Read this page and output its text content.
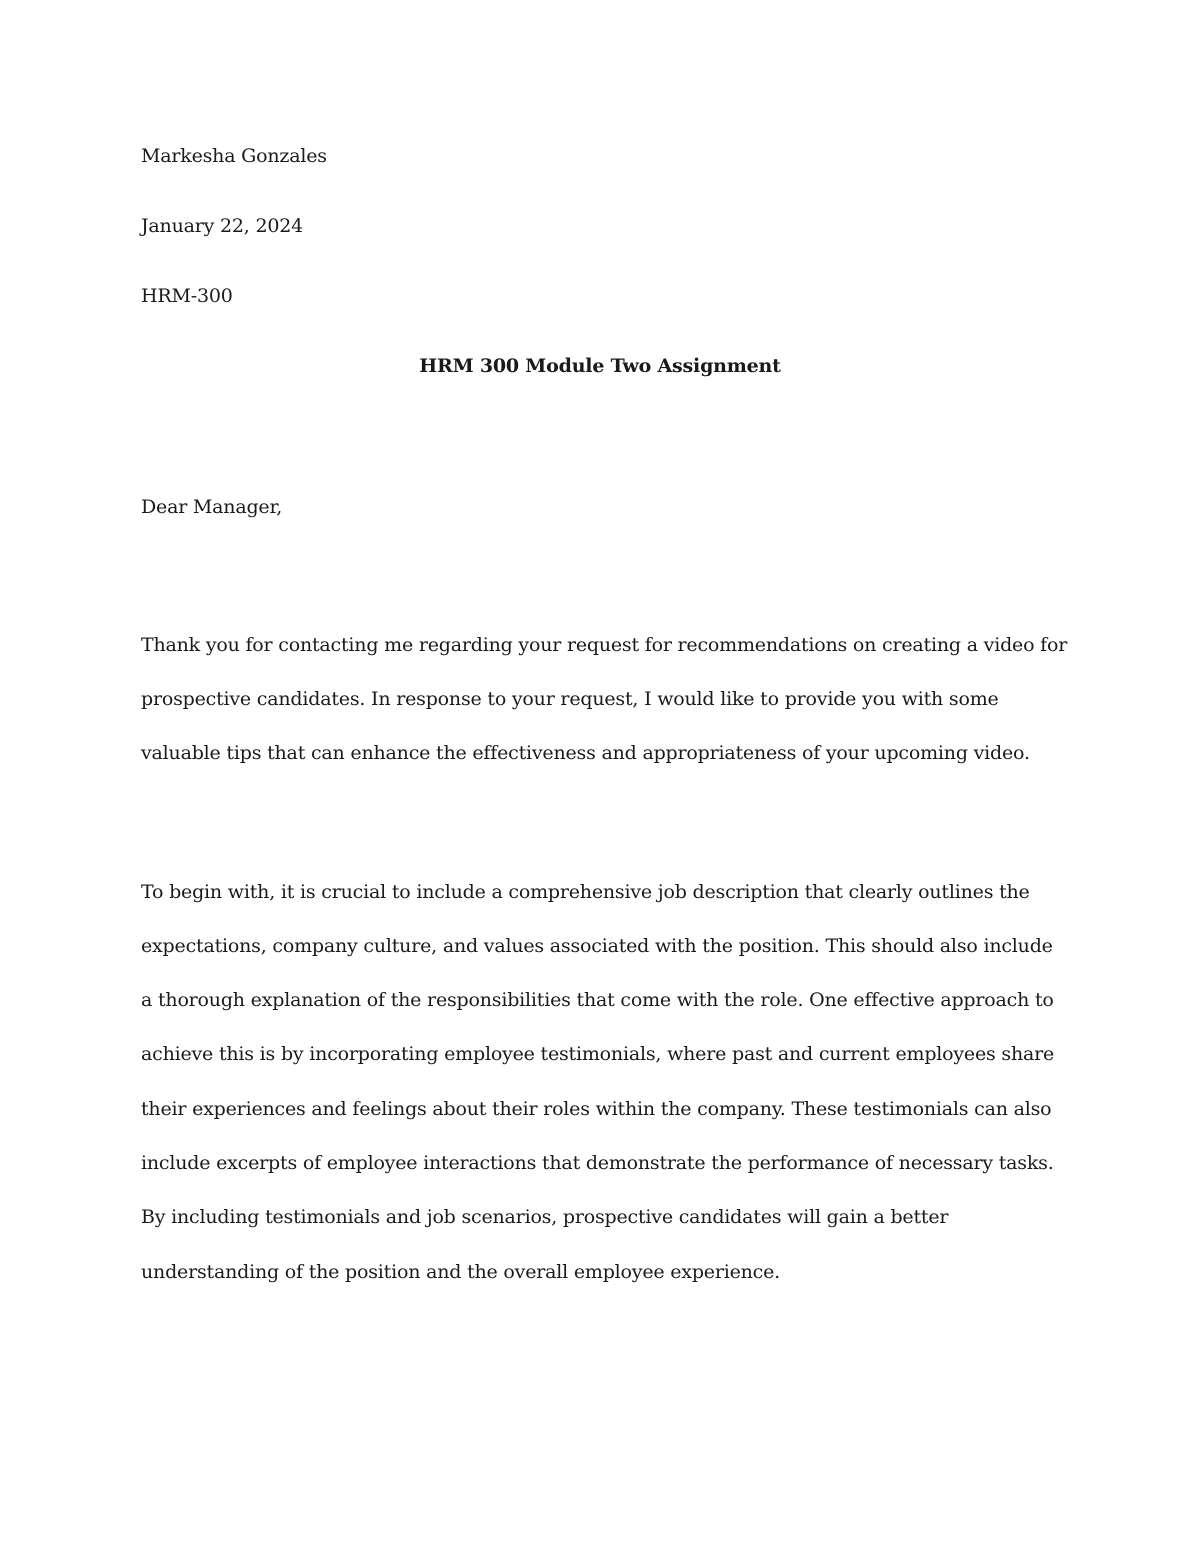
Markesha Gonzales
January 22, 2024
HRM-300
HRM 300 Module Two Assignment
Dear Manager,
Thank you for contacting me regarding your request for recommendations on creating a video for
prospective candidates. In response to your request, I would like to provide you with some
valuable tips that can enhance the effectiveness and appropriateness of your upcoming video.
To begin with, it is crucial to include a comprehensive job description that clearly outlines the
expectations, company culture, and values associated with the position. This should also include
a thorough explanation of the responsibilities that come with the role. One effective approach to
achieve this is by incorporating employee testimonials, where past and current employees share
their experiences and feelings about their roles within the company. These testimonials can also
include excerpts of employee interactions that demonstrate the performance of necessary tasks.
By including testimonials and job scenarios, prospective candidates will gain a better
understanding of the position and the overall employee experience.
